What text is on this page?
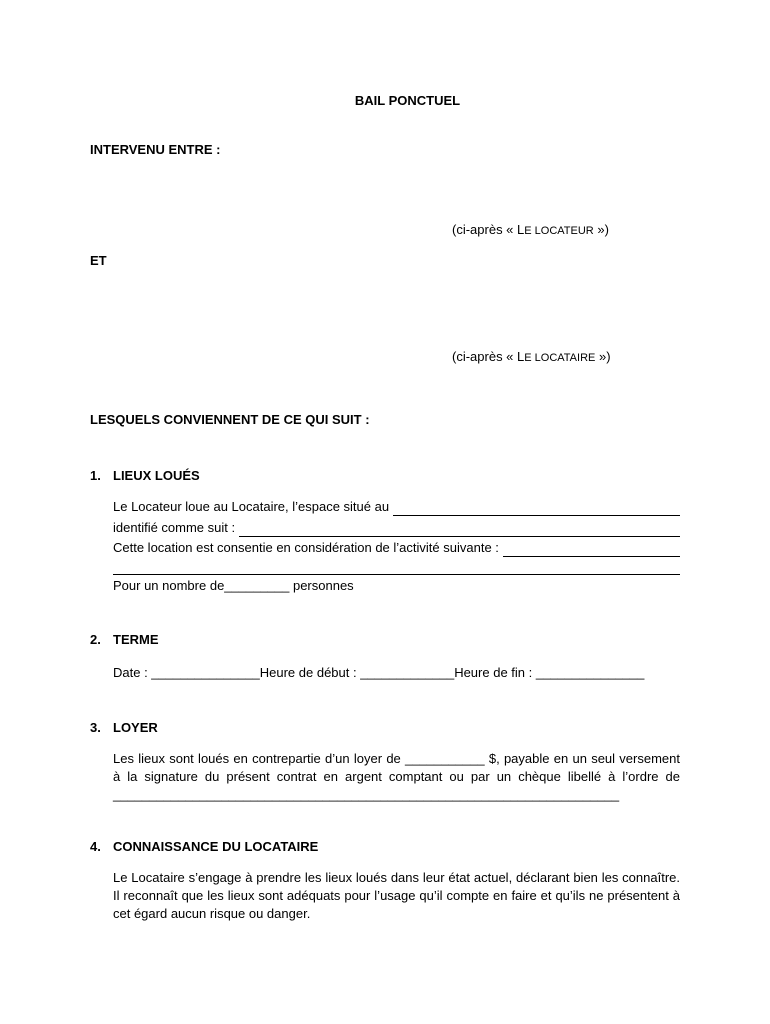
BAIL PONCTUEL
INTERVENU ENTRE :
(ci-après « LE LOCATEUR »)
ET
(ci-après « LE LOCATAIRE »)
LESQUELS CONVIENNENT DE CE QUI SUIT :
1. LIEUX LOUÉS
Le Locateur loue au Locataire, l’espace situé au
identifié comme suit :
Cette location est consentie en considération de l’activité suivante :
Pour un nombre de_________ personnes
2. TERME
Date : _______________Heure de début : _____________Heure de fin : _______________
3. LOYER
Les lieux sont loués en contrepartie d’un loyer de ___________ $, payable en un seul versement à la signature du présent contrat en argent comptant ou par un chèque libellé à l’ordre de ______________________________________________________________________
4. CONNAISSANCE DU LOCATAIRE
Le Locataire s’engage à prendre les lieux loués dans leur état actuel, déclarant bien les connaître. Il reconnaît que les lieux sont adéquats pour l’usage qu’il compte en faire et qu’ils ne présentent à cet égard aucun risque ou danger.
